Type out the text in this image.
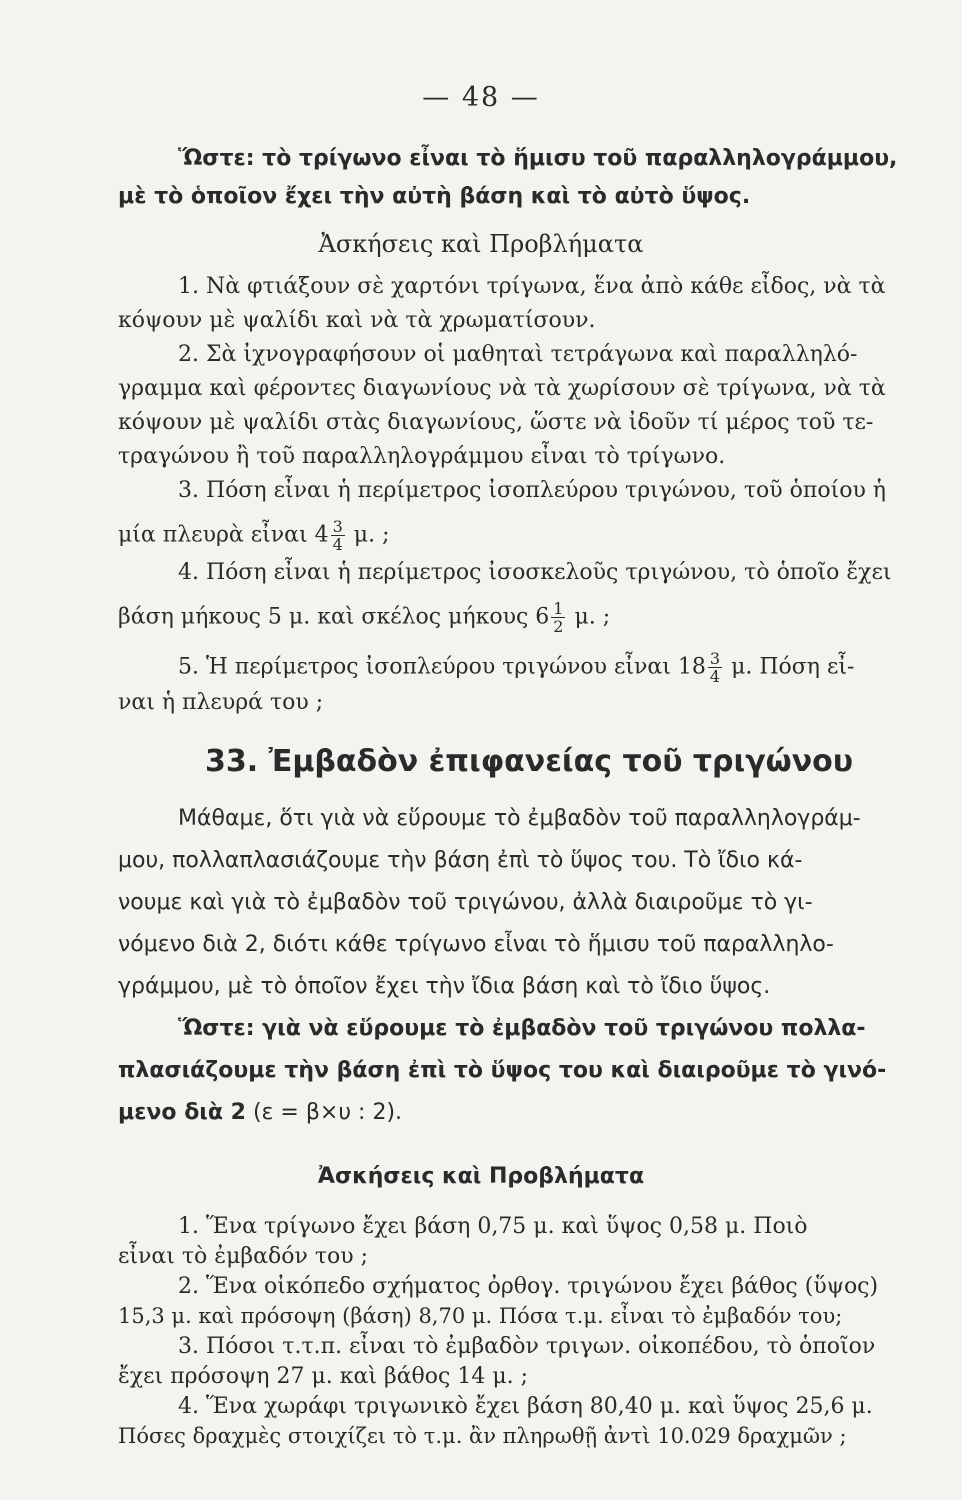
— 48 —
Ὥστε: τὸ τρίγωνο εἶναι τὸ ἥμισυ τοῦ παραλληλογράμμου,
μὲ τὸ ὁποῖον ἔχει τὴν αὐτὴ βάση καὶ τὸ αὐτὸ ὕψος.
Ἀσκήσεις καὶ Προβλήματα
1. Νὰ φτιάξουν σὲ χαρτόνι τρίγωνα, ἕνα ἀπὸ κάθε εἶδος, νὰ τὰ
κόψουν μὲ ψαλίδι καὶ νὰ τὰ χρωματίσουν.
2. Σὰ ἰχνογραφήσουν οἱ μαθηταὶ τετράγωνα καὶ παραλληλό-
γραμμα καὶ φέροντες διαγωνίους νὰ τὰ χωρίσουν σὲ τρίγωνα, νὰ τὰ
κόψουν μὲ ψαλίδι στὰς διαγωνίους, ὥστε νὰ ἰδοῦν τί μέρος τοῦ τε-
τραγώνου ἢ τοῦ παραλληλογράμμου εἶναι τὸ τρίγωνο.
3. Πόση εἶναι ἡ περίμετρος ἰσοπλεύρου τριγώνου, τοῦ ὁποίου ἡ
μία πλευρὰ εἶναι $4 \frac{3}{4} \mu$. ;
4. Πόση εἶναι ἡ περίμετρος ἰσοσκελοῦς τριγώνου, τὸ ὁποῖο ἔχει
βάση μήκους 5 μ. καὶ σκέλος μήκους $6 \frac{1}{2} \mu$. ;
5. Ἡ περίμετρος ἰσοπλεύρου τριγώνου εἶναι $18 \frac{3}{4} \mu$. Πόση εἶ-
ναι ἡ πλευρά του ;
33. Ἐμβαδὸν ἐπιφανείας τοῦ τριγώνου
Μάθαμε, ὅτι γιὰ νὰ εὕρουμε τὸ ἐμβαδὸν τοῦ παραλληλογράμ-
μου, πολλαπλασιάζουμε τὴν βάση ἐπὶ τὸ ὕψος του. Τὸ ἴδιο κά-
νουμε καὶ γιὰ τὸ ἐμβαδὸν τοῦ τριγώνου, ἀλλὰ διαιροῦμε τὸ γι-
νόμενο διὰ 2, διότι κάθε τρίγωνο εἶναι τὸ ἥμισυ τοῦ παραλληλο-
γράμμου, μὲ τὸ ὁποῖον ἔχει τὴν ἴδια βάση καὶ τὸ ἴδιο ὕψος.
Ὥστε: γιὰ νὰ εὕρουμε τὸ ἐμβαδὸν τοῦ τριγώνου πολλα-
πλασιάζουμε τὴν βάση ἐπὶ τὸ ὕψος του καὶ διαιροῦμε τὸ γινό-
μενο διὰ 2 (ε = β×υ : 2).
Ἀσκήσεις καὶ Προβλήματα
1. Ἕνα τρίγωνο ἔχει βάση 0,75 μ. καὶ ὕψος 0,58 μ. Ποιὸ
εἶναι τὸ ἐμβαδόν του ;
2. Ἕνα οἰκόπεδο σχήματος ὀρθογ. τριγώνου ἔχει βάθος (ὕψος)
15,3 μ. καὶ πρόσοψη (βάση) 8,70 μ. Πόσα τ.μ. εἶναι τὸ ἐμβαδόν του;
3. Πόσοι τ.τ.π. εἶναι τὸ ἐμβαδὸν τριγων. οἰκοπέδου, τὸ ὁποῖον
ἔχει πρόσοψη 27 μ. καὶ βάθος 14 μ. ;
4. Ἕνα χωράφι τριγωνικὸ ἔχει βάση 80,40 μ. καὶ ὕψος 25,6 μ.
Πόσες δραχμὲς στοιχίζει τὸ τ.μ. ἂν πληρωθῇ ἀντὶ 10.029 δραχμῶν ;
